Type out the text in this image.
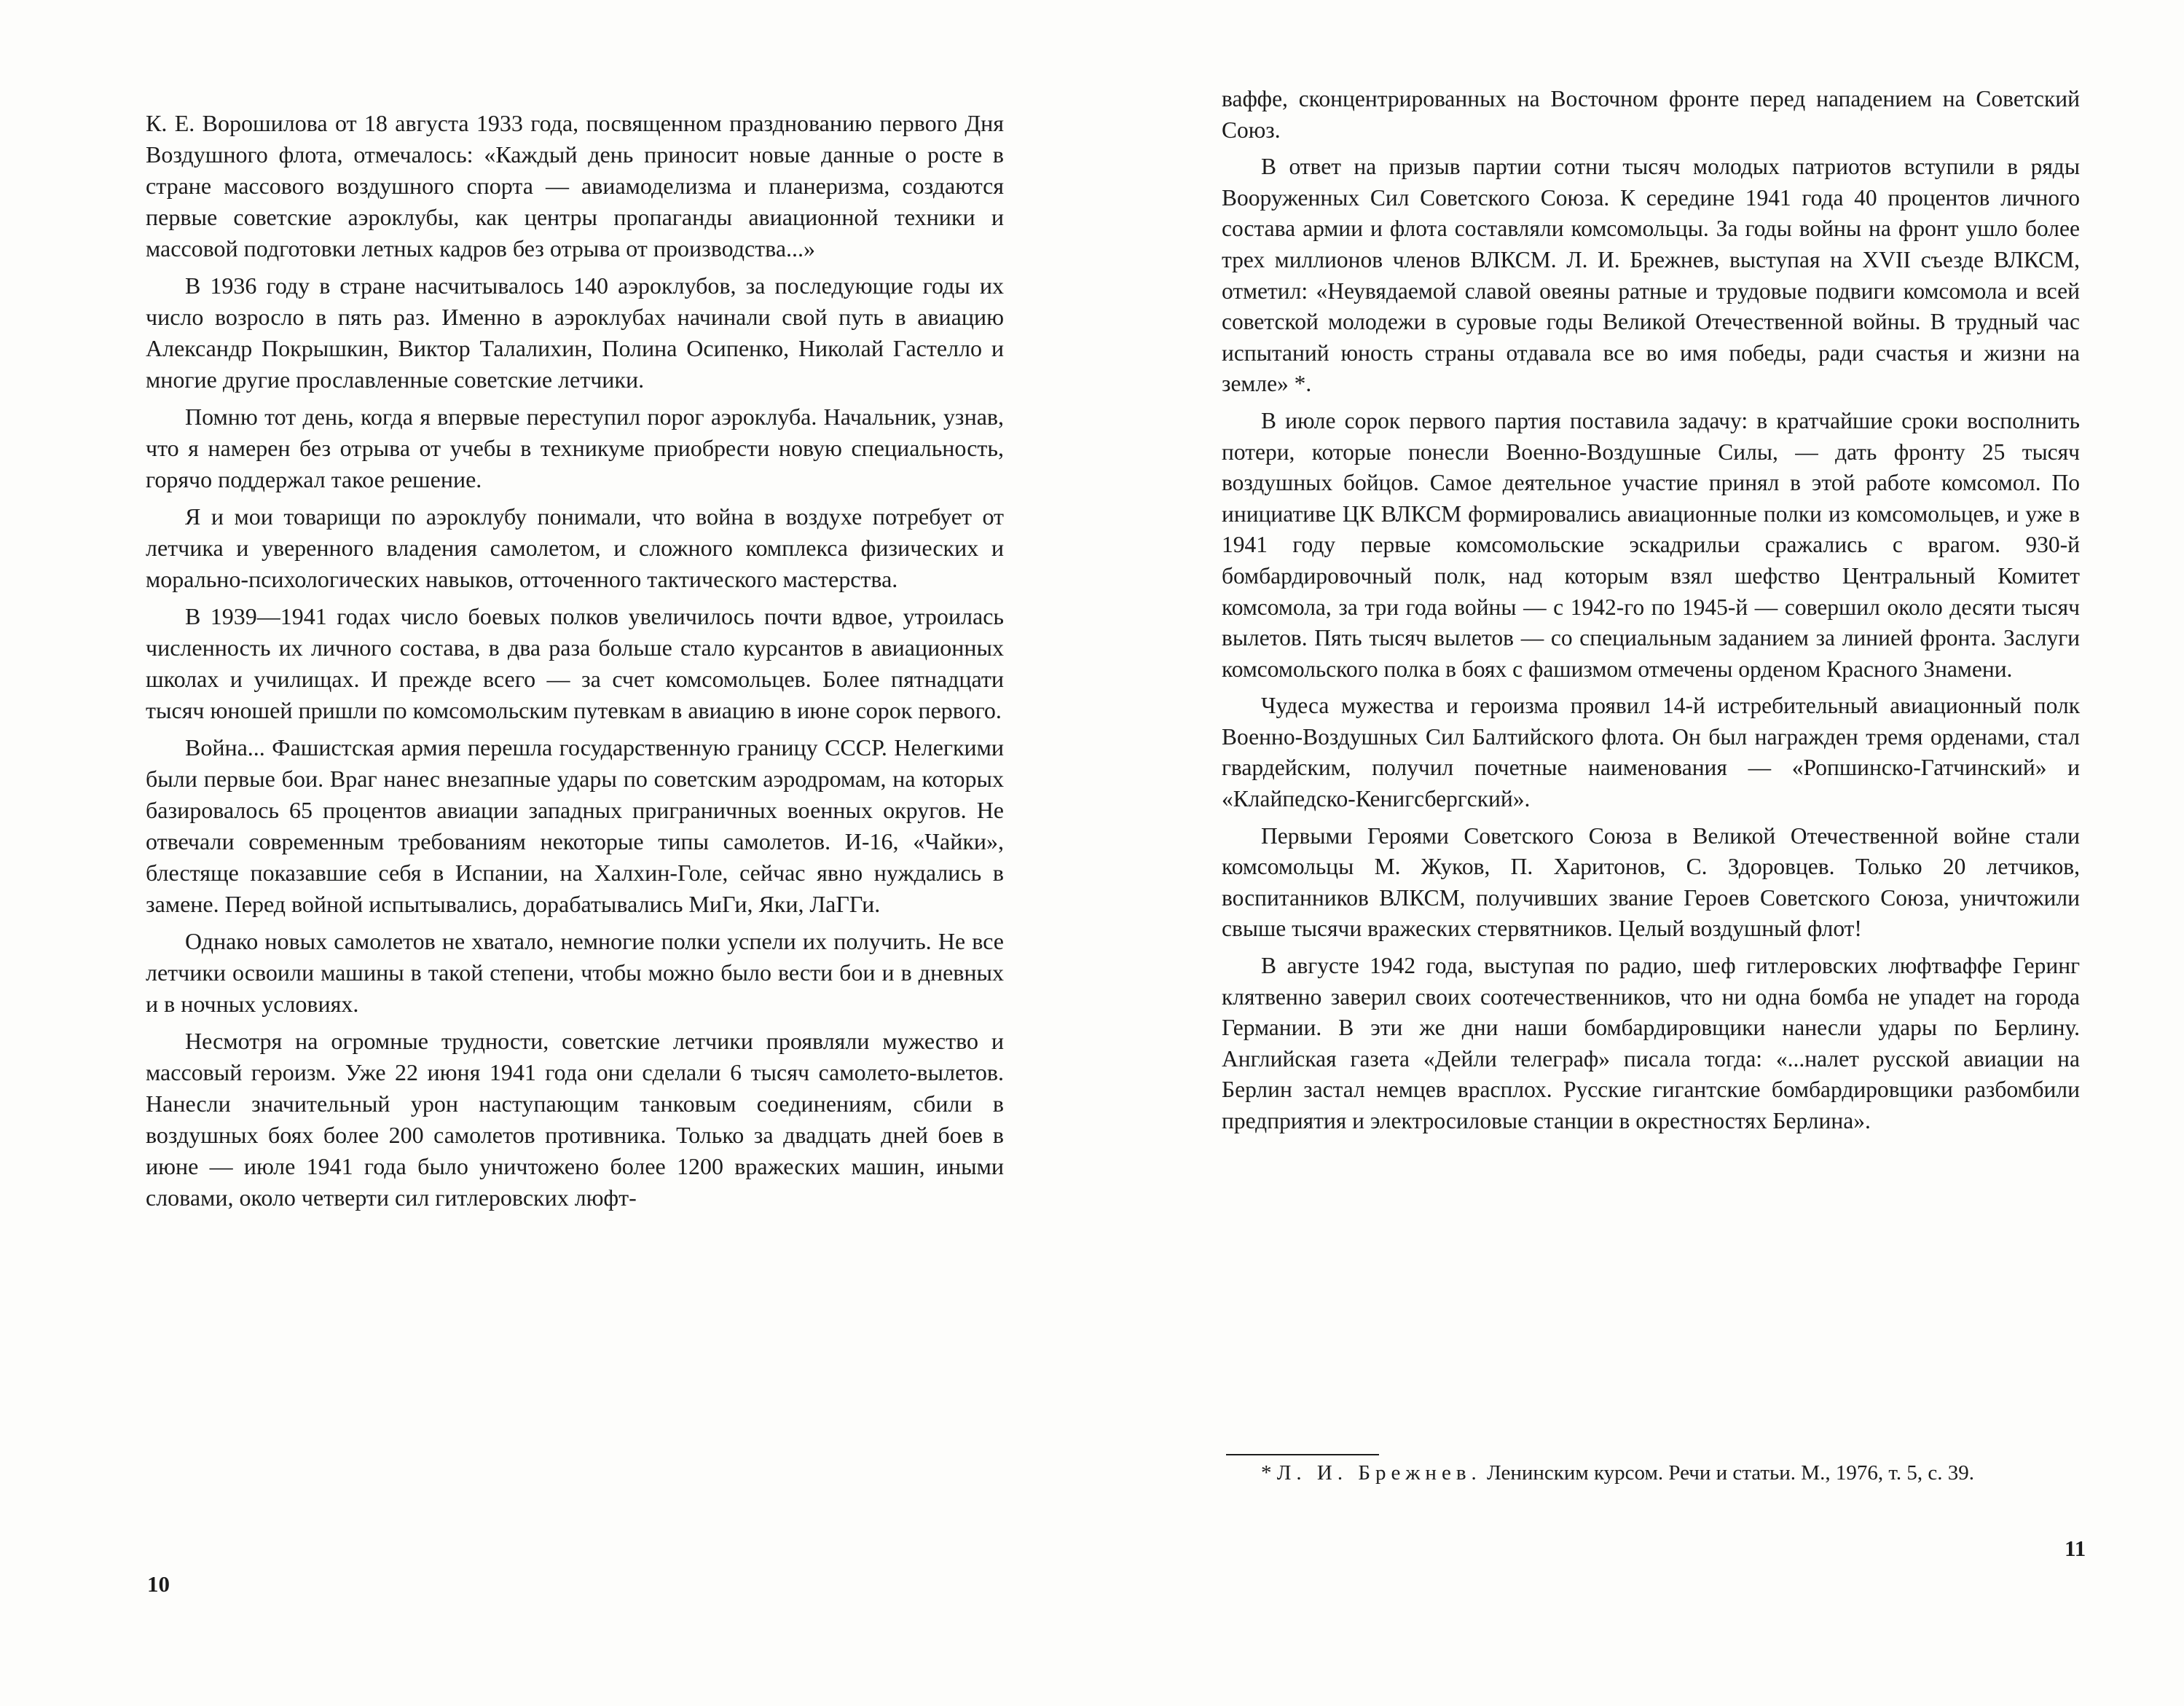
К. Е. Ворошилова от 18 августа 1933 года, посвященном празднованию первого Дня Воздушного флота, отмечалось: «Каждый день приносит новые данные о росте в стране массового воздушного спорта — авиамоделизма и планеризма, создаются первые советские аэроклубы, как центры пропаганды авиационной техники и массовой подготовки летных кадров без отрыва от производства...»

В 1936 году в стране насчитывалось 140 аэроклубов, за последующие годы их число возросло в пять раз. Именно в аэроклубах начинали свой путь в авиацию Александр Покрышкин, Виктор Талалихин, Полина Осипенко, Николай Гастелло и многие другие прославленные советские летчики.

Помню тот день, когда я впервые переступил порог аэроклуба. Начальник, узнав, что я намерен без отрыва от учебы в техникуме приобрести новую специальность, горячо поддержал такое решение.

Я и мои товарищи по аэроклубу понимали, что война в воздухе потребует от летчика и уверенного владения самолетом, и сложного комплекса физических и морально-психологических навыков, отточенного тактического мастерства.

В 1939—1941 годах число боевых полков увеличилось почти вдвое, утроилась численность их личного состава, в два раза больше стало курсантов в авиационных школах и училищах. И прежде всего — за счет комсомольцев. Более пятнадцати тысяч юношей пришли по комсомольским путевкам в авиацию в июне сорок первого.

Война... Фашистская армия перешла государственную границу СССР. Нелегкими были первые бои. Враг нанес внезапные удары по советским аэродромам, на которых базировалось 65 процентов авиации западных приграничных военных округов. Не отвечали современным требованиям некоторые типы самолетов. И-16, «Чайки», блестяще показавшие себя в Испании, на Халхин-Голе, сейчас явно нуждались в замене. Перед войной испытывались, дорабатывались МиГи, Яки, ЛаГГи.

Однако новых самолетов не хватало, немногие полки успели их получить. Не все летчики освоили машины в такой степени, чтобы можно было вести бои и в дневных и в ночных условиях.

Несмотря на огромные трудности, советские летчики проявляли мужество и массовый героизм. Уже 22 июня 1941 года они сделали 6 тысяч самолето-вылетов. Нанесли значительный урон наступающим танковым соединениям, сбили в воздушных боях более 200 самолетов противника. Только за двадцать дней боев в июне — июле 1941 года было уничтожено более 1200 вражеских машин, иными словами, около четверти сил гитлеровских люфт-

10

ваффе, сконцентрированных на Восточном фронте перед нападением на Советский Союз.

В ответ на призыв партии сотни тысяч молодых патриотов вступили в ряды Вооруженных Сил Советского Союза. К середине 1941 года 40 процентов личного состава армии и флота составляли комсомольцы. За годы войны на фронт ушло более трех миллионов членов ВЛКСМ. Л. И. Брежнев, выступая на XVII съезде ВЛКСМ, отметил: «Неувядаемой славой овеяны ратные и трудовые подвиги комсомола и всей советской молодежи в суровые годы Великой Отечественной войны. В трудный час испытаний юность страны отдавала все во имя победы, ради счастья и жизни на земле» *.

В июле сорок первого партия поставила задачу: в кратчайшие сроки восполнить потери, которые понесли Военно-Воздушные Силы, — дать фронту 25 тысяч воздушных бойцов. Самое деятельное участие принял в этой работе комсомол. По инициативе ЦК ВЛКСМ формировались авиационные полки из комсомольцев, и уже в 1941 году первые комсомольские эскадрильи сражались с врагом. 930-й бомбардировочный полк, над которым взял шефство Центральный Комитет комсомола, за три года войны — с 1942-го по 1945-й — совершил около десяти тысяч вылетов. Пять тысяч вылетов — со специальным заданием за линией фронта. Заслуги комсомольского полка в боях с фашизмом отмечены орденом Красного Знамени.

Чудеса мужества и героизма проявил 14-й истребительный авиационный полк Военно-Воздушных Сил Балтийского флота. Он был награжден тремя орденами, стал гвардейским, получил почетные наименования — «Ропшинско-Гатчинский» и «Клайпедско-Кенигсбергский».

Первыми Героями Советского Союза в Великой Отечественной войне стали комсомольцы М. Жуков, П. Харитонов, С. Здоровцев. Только 20 летчиков, воспитанников ВЛКСМ, получивших звание Героев Советского Союза, уничтожили свыше тысячи вражеских стервятников. Целый воздушный флот!

В августе 1942 года, выступая по радио, шеф гитлеровских люфтваффе Геринг клятвенно заверил своих соотечественников, что ни одна бомба не упадет на города Германии. В эти же дни наши бомбардировщики нанесли удары по Берлину. Английская газета «Дейли телеграф» писала тогда: «...налет русской авиации на Берлин застал немцев врасплох. Русские гигантские бомбардировщики разбомбили предприятия и электросиловые станции в окрестностях Берлина».

* Л. И. Брежнев. Ленинским курсом. Речи и статьи. М., 1976, т. 5, с. 39.

11
